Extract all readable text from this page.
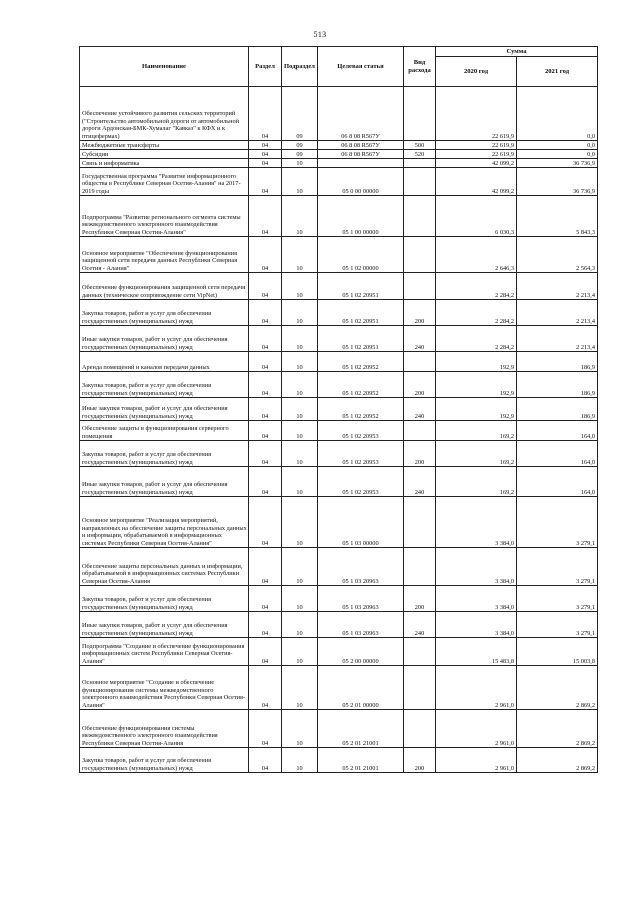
513
Наименование	Раздел	Подраздел	Целевая статья	Вид расхода	Сумма	
					2020 год	2021 год
Обеспечение устойчивого развития сельских территорий ("Строительство автомобильной дороги от автомобильной дороги Ардонская-БМК-Хумалаг "Кавказ" к КФХ и к птицефермах)	04	09	06 8 08 R567У		22 619,9	0,0
Межбюджетные трансферты	04	09	06 8 08 R567У	500	22 619,9	0,0
Субсидии	04	09	06 8 08 R567У	520	22 619,9	0,0
Связь и информатика	04	10			42 099,2	36 736,9
Государственная программа "Развитие информационного общества в Республике Северная Осетия-Алания" на 2017-2019 годы	04	10	05 0 00 00000		42 099,2	36 736,9
Подпрограмма "Развитие регионального сегмента системы межведомственного электронного взаимодействия Республики Северная Осетия-Алания"	04	10	05 1 00 00000		6 030,3	5 843,3
Основное мероприятие "Обеспечение функционирования защищенной сети передачи данных Республики Северная Осетия - Алания"	04	10	05 1 02 00000		2 646,3	2 564,3
Обеспечение функционирования защищенной сети передачи данных (техническое сопровождение сети VipNet)	04	10	05 1 02 20951		2 284,2	2 213,4
Закупка товаров, работ и услуг для обеспечения государственных (муниципальных) нужд	04	10	05 1 02 20951	200	2 284,2	2 213,4
Иные закупки товаров, работ и услуг для обеспечения государственных (муниципальных) нужд	04	10	05 1 02 20951	240	2 284,2	2 213,4
Аренда помещений и каналов передачи данных	04	10	05 1 02 20952		192,9	186,9
Закупка товаров, работ и услуг для обеспечения государственных (муниципальных) нужд	04	10	05 1 02 20952	200	192,9	186,9
Иные закупки товаров, работ и услуг для обеспечения государственных (муниципальных) нужд	04	10	05 1 02 20952	240	192,9	186,9
Обеспечение защиты и функционирования серверного помещения	04	10	05 1 02 20953		169,2	164,0
Закупка товаров, работ и услуг для обеспечения государственных (муниципальных) нужд	04	10	05 1 02 20953	200	169,2	164,0
Иные закупки товаров, работ и услуг для обеспечения государственных (муниципальных) нужд	04	10	05 1 02 20953	240	169,2	164,0
Основное мероприятие "Реализация мероприятий, направленных на обеспечение защиты персональных данных и информации, обрабатываемой в информационных системах Республики Северная Осетия-Алания"	04	10	05 1 03 00000		3 384,0	3 279,1
Обеспечение защиты персональных данных и информации, обрабатываемой в информационных системах Республики Северная Осетия-Алания	04	10	05 1 03 20963		3 384,0	3 279,1
Закупка товаров, работ и услуг для обеспечения государственных (муниципальных) нужд	04	10	05 1 03 20963	200	3 384,0	3 279,1
Иные закупки товаров, работ и услуг для обеспечения государственных (муниципальных) нужд	04	10	05 1 03 20963	240	3 384,0	3 279,1
Подпрограмма "Создание и обеспечение функционирования информационных систем Республики Северная Осетия-Алания"	04	10	05 2 00 00000		15 483,8	15 003,8
Основное мероприятие "Создание и обеспечение функционирования системы межведомственного электронного взаимодействия Республики Северная Осетия-Алания"	04	10	05 2 01 00000		2 961,0	2 869,2
Обеспечение функционирования системы межведомственного электронного взаимодействия Республики Северная Осетия-Алания	04	10	05 2 01 21001		2 961,0	2 869,2
Закупка товаров, работ и услуг для обеспечения государственных (муниципальных) нужд	04	10	05 2 01 21001	200	2 961,0	2 869,2
